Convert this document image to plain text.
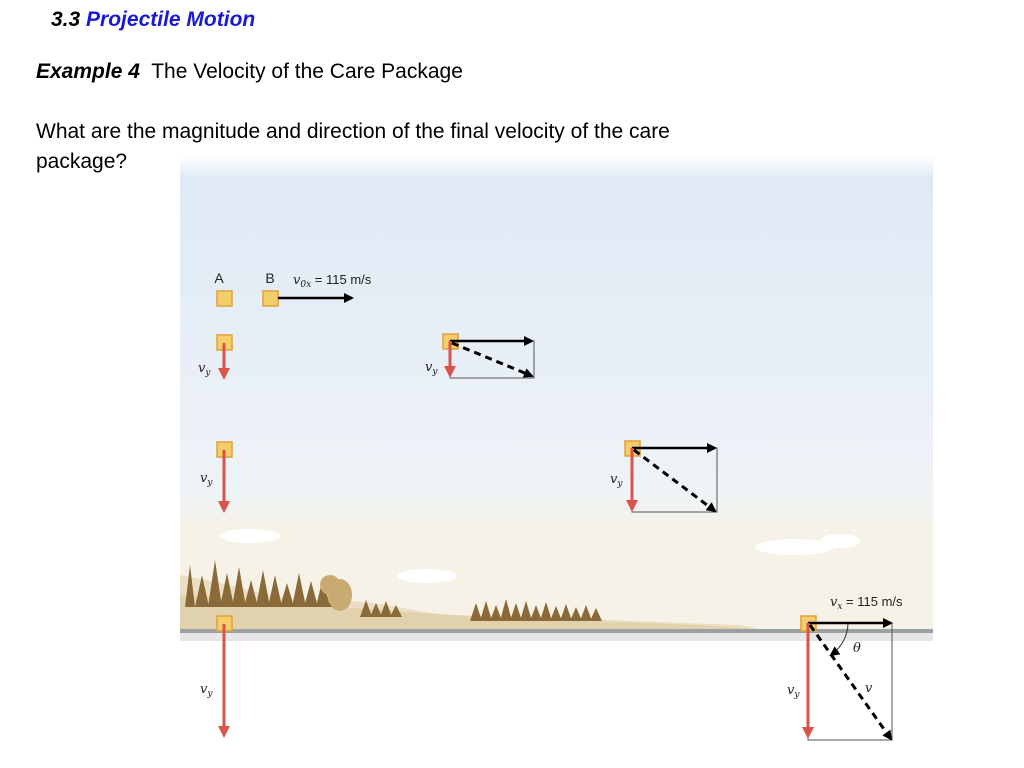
3.3 Projectile Motion

Example 4 The Velocity of the Care Package

What are the magnitude and direction of the final velocity of the care package?

A
$v_y$
$v_y$
$v_y$
B $v_{0x} = 115$ m/s
$v_y$
$v_y$
θ
v
$v_y$
$v_x = 115$ m/s
